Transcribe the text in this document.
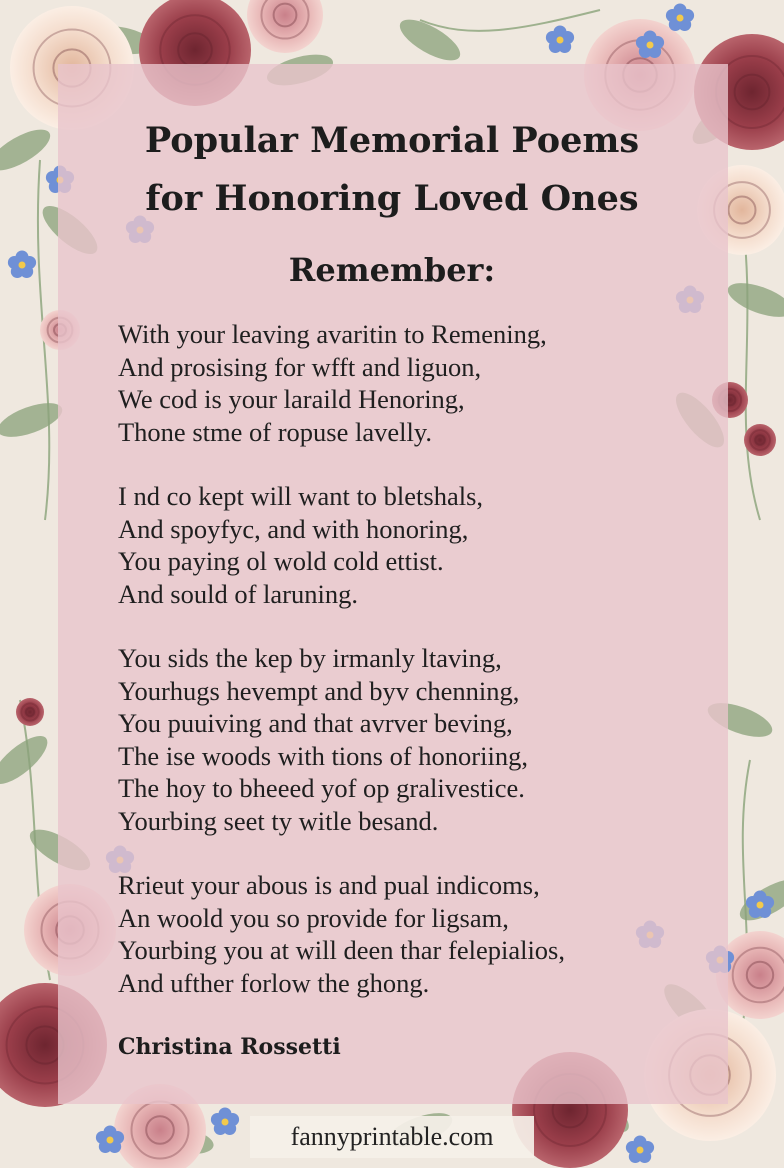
Popular Memorial Poems
for Honoring Loved Ones
Remember:

With your leaving avaritin to Remening,
And prosising for wfft and liguon,
We cod is your laraild Henoring,
Thone stme of ropuse lavelly.

I nd co kept will want to bletshals,
And spoyfyc, and with honoring,
You paying ol wold cold ettist.
And sould of laruning.

You sids the kep by irmanly ltaving,
Yourhugs hevempt and byv chenning,
You puuiving and that avrver beving,
The ise woods with tions of honoriing,
The hoy to bheeed yof op gralivestice.
Yourbing seet ty witle besand.

Rrieut your abous is and pual indicoms,
An woold you so provide for ligsam,
Yourbing you at will deen thar felepialios,
And ufther forlow the ghong.

Christina Rossetti

fannyprintable.com
